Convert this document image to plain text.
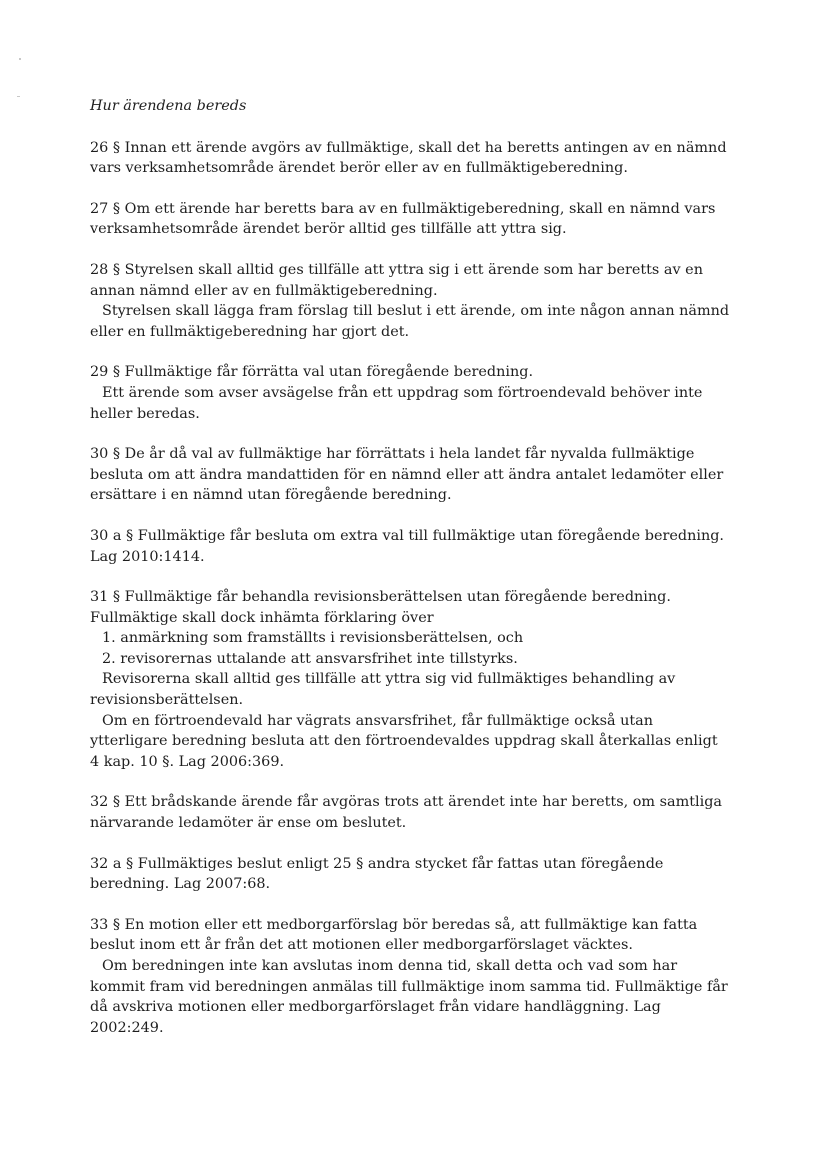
Hur ärendena bereds

26 § Innan ett ärende avgörs av fullmäktige, skall det ha beretts antingen av en nämnd vars verksamhetsområde ärendet berör eller av en fullmäktigeberedning.

27 § Om ett ärende har beretts bara av en fullmäktigeberedning, skall en nämnd vars verksamhetsområde ärendet berör alltid ges tillfälle att yttra sig.

28 § Styrelsen skall alltid ges tillfälle att yttra sig i ett ärende som har beretts av en annan nämnd eller av en fullmäktigeberedning.

Styrelsen skall lägga fram förslag till beslut i ett ärende, om inte någon annan nämnd eller en fullmäktigeberedning har gjort det.

29 § Fullmäktige får förrätta val utan föregående beredning.

Ett ärende som avser avsägelse från ett uppdrag som förtroendevald behöver inte heller beredas.

30 § De år då val av fullmäktige har förrättats i hela landet får nyvalda fullmäktige besluta om att ändra mandattiden för en nämnd eller att ändra antalet ledamöter eller ersättare i en nämnd utan föregående beredning.

30 a § Fullmäktige får besluta om extra val till fullmäktige utan föregående beredning. Lag 2010:1414.

31 § Fullmäktige får behandla revisionsberättelsen utan föregående beredning. Fullmäktige skall dock inhämta förklaring över

1. anmärkning som framställts i revisionsberättelsen, och

2. revisorernas uttalande att ansvarsfrihet inte tillstyrks.

Revisorerna skall alltid ges tillfälle att yttra sig vid fullmäktiges behandling av revisionsberättelsen.

Om en förtroendevald har vägrats ansvarsfrihet, får fullmäktige också utan ytterligare beredning besluta att den förtroendevaldes uppdrag skall återkallas enligt 4 kap. 10 §. Lag 2006:369.

32 § Ett brådskande ärende får avgöras trots att ärendet inte har beretts, om samtliga närvarande ledamöter är ense om beslutet.

32 a § Fullmäktiges beslut enligt 25 § andra stycket får fattas utan föregående beredning. Lag 2007:68.

33 § En motion eller ett medborgarförslag bör beredas så, att fullmäktige kan fatta beslut inom ett år från det att motionen eller medborgarförslaget väcktes.

Om beredningen inte kan avslutas inom denna tid, skall detta och vad som har kommit fram vid beredningen anmälas till fullmäktige inom samma tid. Fullmäktige får då avskriva motionen eller medborgarförslaget från vidare handläggning. Lag 2002:249.
